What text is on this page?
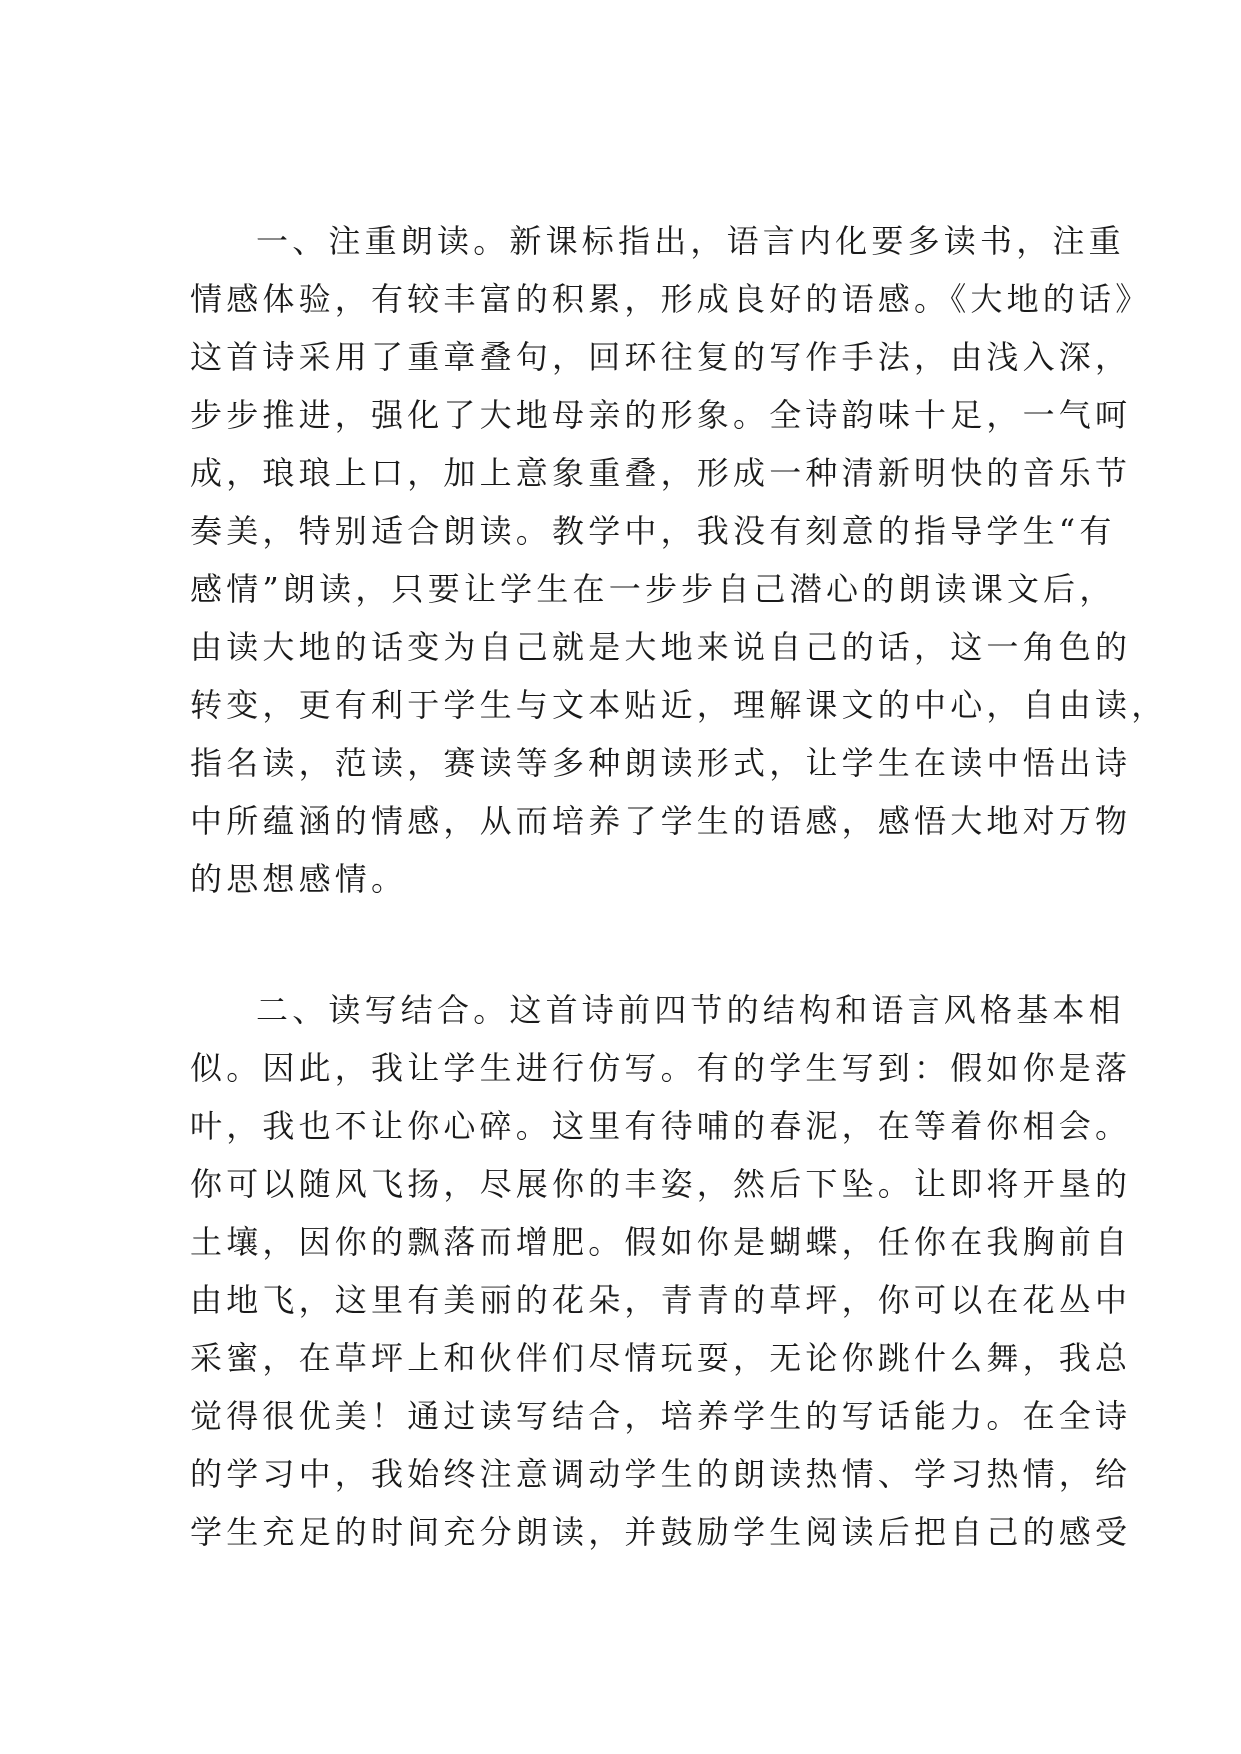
一、注重朗读。新课标指出，语言内化要多读书，注重
情感体验，有较丰富的积累，形成良好的语感。《大地的话》
这首诗采用了重章叠句，回环往复的写作手法，由浅入深，
步步推进，强化了大地母亲的形象。全诗韵味十足，一气呵
成，琅琅上口，加上意象重叠，形成一种清新明快的音乐节
奏美，特别适合朗读。教学中，我没有刻意的指导学生“有
感情”朗读，只要让学生在一步步自己潜心的朗读课文后，
由读大地的话变为自己就是大地来说自己的话，这一角色的
转变，更有利于学生与文本贴近，理解课文的中心，自由读，
指名读，范读，赛读等多种朗读形式，让学生在读中悟出诗
中所蕴涵的情感，从而培养了学生的语感，感悟大地对万物
的思想感情。
二、读写结合。这首诗前四节的结构和语言风格基本相
似。因此，我让学生进行仿写。有的学生写到：假如你是落
叶，我也不让你心碎。这里有待哺的春泥，在等着你相会。
你可以随风飞扬，尽展你的丰姿，然后下坠。让即将开垦的
土壤，因你的飘落而增肥。假如你是蝴蝶，任你在我胸前自
由地飞，这里有美丽的花朵，青青的草坪，你可以在花丛中
采蜜，在草坪上和伙伴们尽情玩耍，无论你跳什么舞，我总
觉得很优美！通过读写结合，培养学生的写话能力。在全诗
的学习中，我始终注意调动学生的朗读热情、学习热情，给
学生充足的时间充分朗读，并鼓励学生阅读后把自己的感受
